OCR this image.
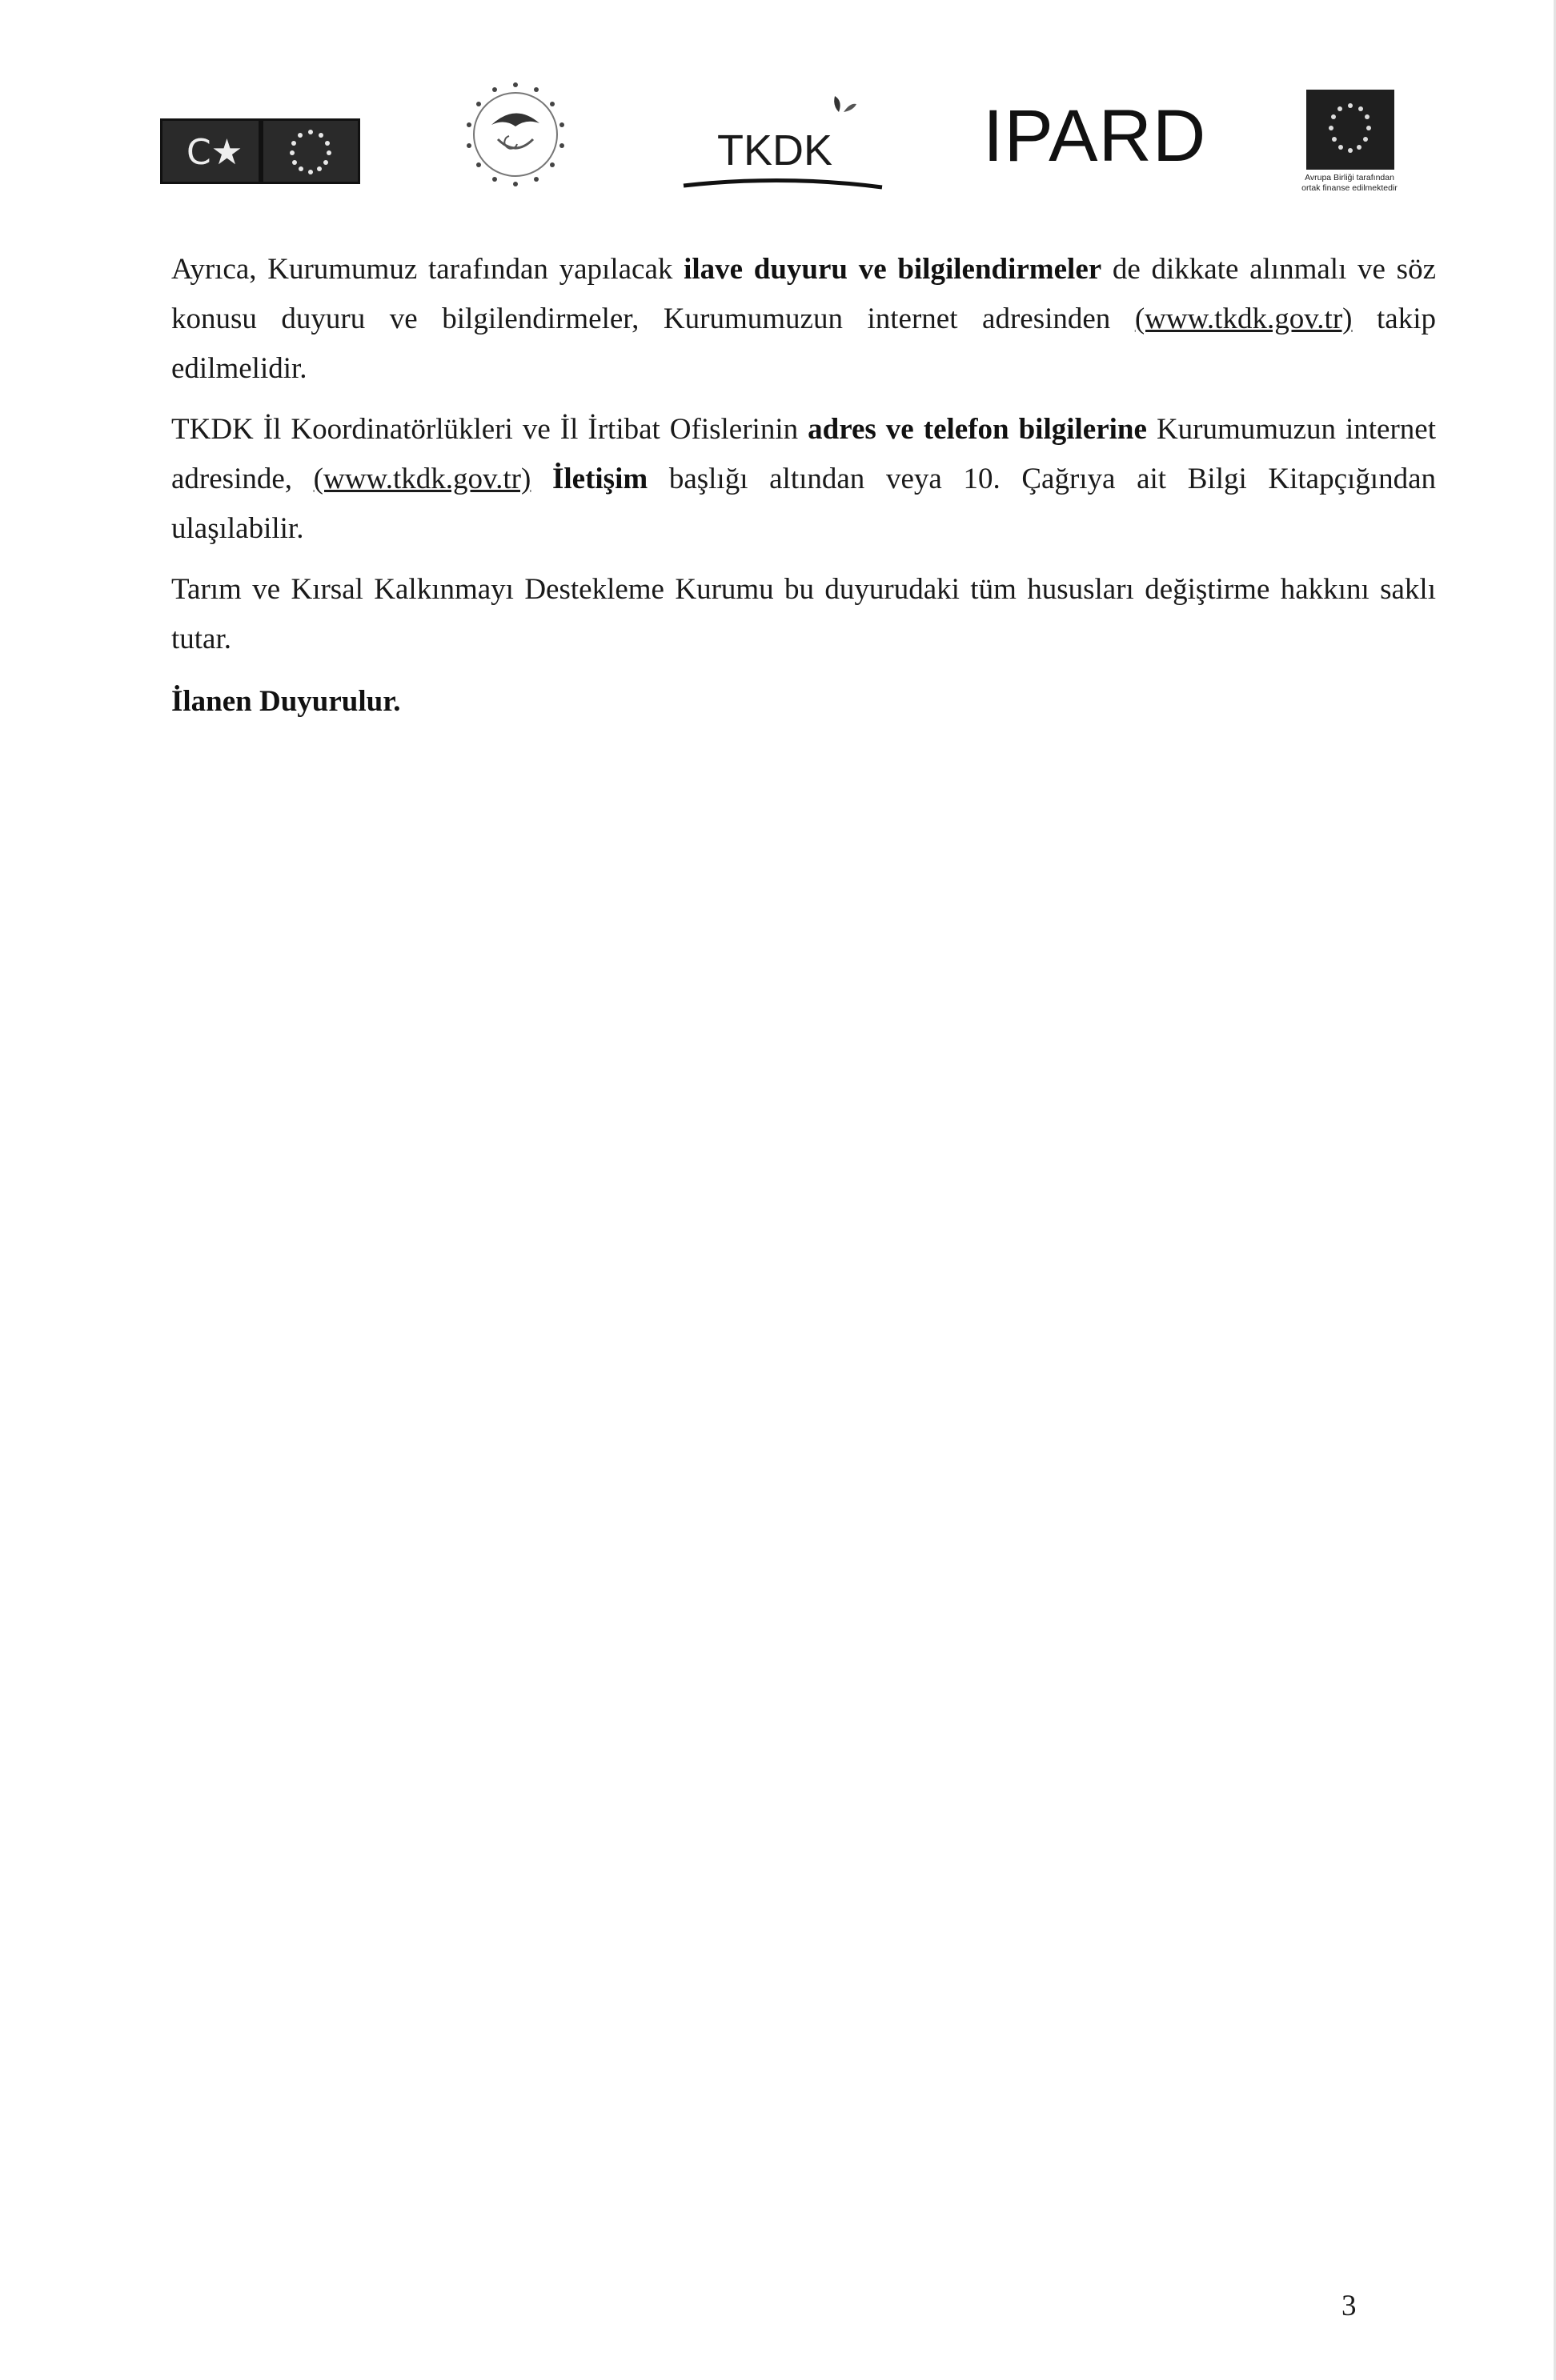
C★	TKDK IPARD
Avrupa Birliği tarafından
ortak finanse edilmektedir

Ayrıca, Kurumumuz tarafından yapılacak ilave duyuru ve bilgilendirmeler de dikkate alınmalı ve söz konusu duyuru ve bilgilendirmeler, Kurumumuzun internet adresinden (www.tkdk.gov.tr) takip edilmelidir.

TKDK İl Koordinatörlükleri ve İl İrtibat Ofislerinin adres ve telefon bilgilerine Kurumumuzun internet adresinde, (www.tkdk.gov.tr) İletişim başlığı altından veya 10. Çağrıya ait Bilgi Kitapçığından ulaşılabilir.

Tarım ve Kırsal Kalkınmayı Destekleme Kurumu bu duyurudaki tüm hususları değiştirme hakkını saklı tutar.

İlanen Duyurulur.
3
